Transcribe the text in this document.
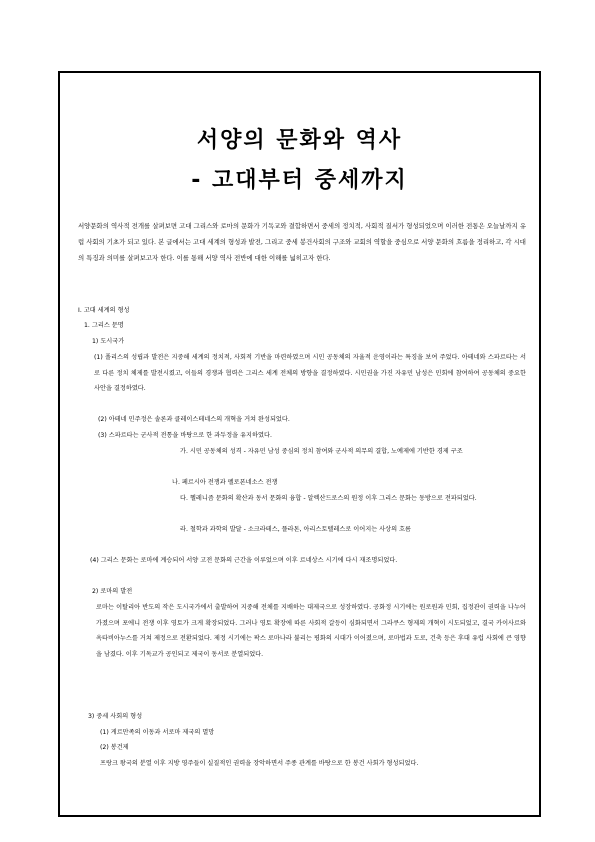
서양의 문화와 역사
- 고대부터 중세까지
서양문화의 역사적 전개를 살펴보면 고대 그리스와 로마의 문화가 기독교와 결합하면서 중세의 정치적, 사회적 질서가 형성되었으며 이러한 전통은 오늘날까지 유럽 사회의 기초가 되고 있다. 본 글에서는 고대 세계의 형성과 발전, 그리고 중세 봉건사회의 구조와 교회의 역할을 중심으로 서양 문화의 흐름을 정리하고, 각 시대의 특징과 의미를 살펴보고자 한다. 이를 통해 서양 역사 전반에 대한 이해를 넓히고자 한다.
Ⅰ. 고대 세계의 형성
1. 그리스 문명
1) 도시국가
(1) 폴리스의 성립과 발전은 지중해 세계의 정치적, 사회적 기반을 마련하였으며 시민 공동체의 자율적 운영이라는 특징을 보여 주었다. 아테네와 스파르타는 서로 다른 정치 체제를 발전시켰고, 이들의 경쟁과 협력은 그리스 세계 전체의 방향을 결정하였다. 시민권을 가진 자유민 남성은 민회에 참여하여 공동체의 중요한 사안을 결정하였다.
(2) 아테네 민주정은 솔론과 클레이스테네스의 개혁을 거쳐 완성되었다.
(3) 스파르타는 군사적 전통을 바탕으로 한 과두정을 유지하였다.
가. 시민 공동체의 성격 - 자유민 남성 중심의 정치 참여와 군사적 의무의 결합, 노예제에 기반한 경제 구조
나. 페르시아 전쟁과 펠로폰네소스 전쟁
다. 헬레니즘 문화의 확산과 동서 문화의 융합 - 알렉산드로스의 원정 이후 그리스 문화는 동방으로 전파되었다.
라. 철학과 과학의 발달 - 소크라테스, 플라톤, 아리스토텔레스로 이어지는 사상의 흐름
(4) 그리스 문화는 로마에 계승되어 서양 고전 문화의 근간을 이루었으며 이후 르네상스 시기에 다시 재조명되었다.
2) 로마의 발전
로마는 이탈리아 반도의 작은 도시국가에서 출발하여 지중해 전체를 지배하는 대제국으로 성장하였다. 공화정 시기에는 원로원과 민회, 집정관이 권력을 나누어 가졌으며 포에니 전쟁 이후 영토가 크게 확장되었다. 그러나 영토 확장에 따른 사회적 갈등이 심화되면서 그라쿠스 형제의 개혁이 시도되었고, 결국 카이사르와 옥타비아누스를 거쳐 제정으로 전환되었다. 제정 시기에는 팍스 로마나라 불리는 평화의 시대가 이어졌으며, 로마법과 도로, 건축 등은 후대 유럽 사회에 큰 영향을 남겼다. 이후 기독교가 공인되고 제국이 동서로 분열되었다.
3) 중세 사회의 형성
(1) 게르만족의 이동과 서로마 제국의 멸망
(2) 봉건제
프랑크 왕국의 분열 이후 지방 영주들이 실질적인 권력을 장악하면서 주종 관계를 바탕으로 한 봉건 사회가 형성되었다.
